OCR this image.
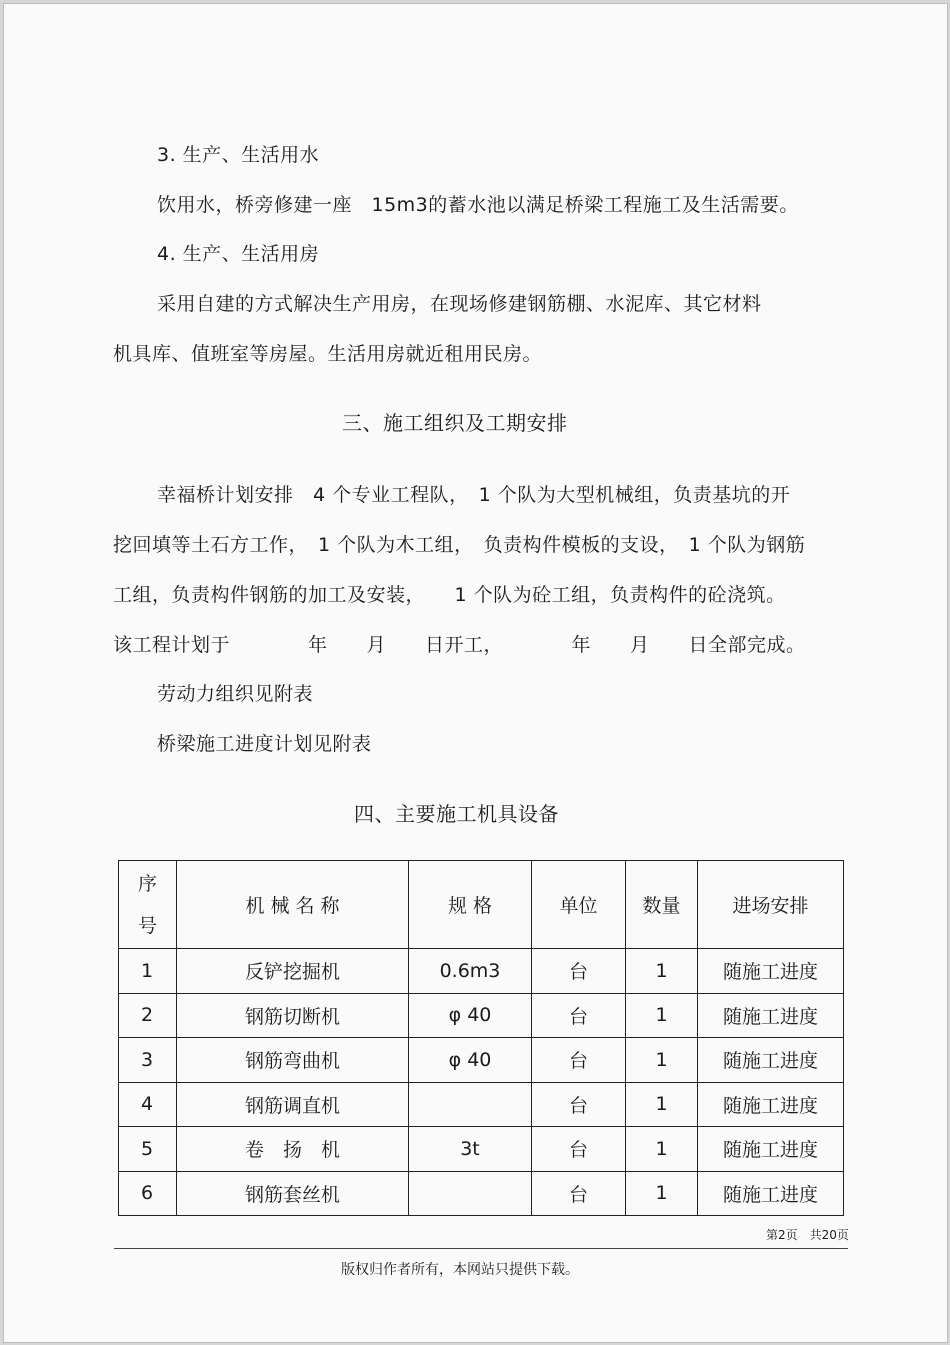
3. 生产、生活用水
饮用水，桥旁修建一座　15m3的蓄水池以满足桥梁工程施工及生活需要。
4. 生产、生活用房
采用自建的方式解决生产用房，在现场修建钢筋棚、水泥库、其它材料
机具库、值班室等房屋。生活用房就近租用民房。
三、施工组织及工期安排
幸福桥计划安排　4 个专业工程队，　1 个队为大型机械组，负责基坑的开
挖回填等土石方工作，　1 个队为木工组，　负责构件模板的支设，　1 个队为钢筋
工组，负责构件钢筋的加工及安装，　　1 个队为砼工组，负责构件的砼浇筑。
该工程计划于　　　　年　　月　　日开工，　　　　年　　月　　日全部完成。
劳动力组织见附表
桥梁施工进度计划见附表
四、主要施工机具设备
序
号	机 械 名 称	规 格	单位	数量	进场安排
1	反铲挖掘机	0.6m3	台	1	随施工进度
2	钢筋切断机	φ 40	台	1	随施工进度
3	钢筋弯曲机	φ 40	台	1	随施工进度
4	钢筋调直机		台	1	随施工进度
5	卷　扬　机	3t	台	1	随施工进度
6	钢筋套丝机		台	1	随施工进度
第2页　共20页
版权归作者所有，本网站只提供下载。
